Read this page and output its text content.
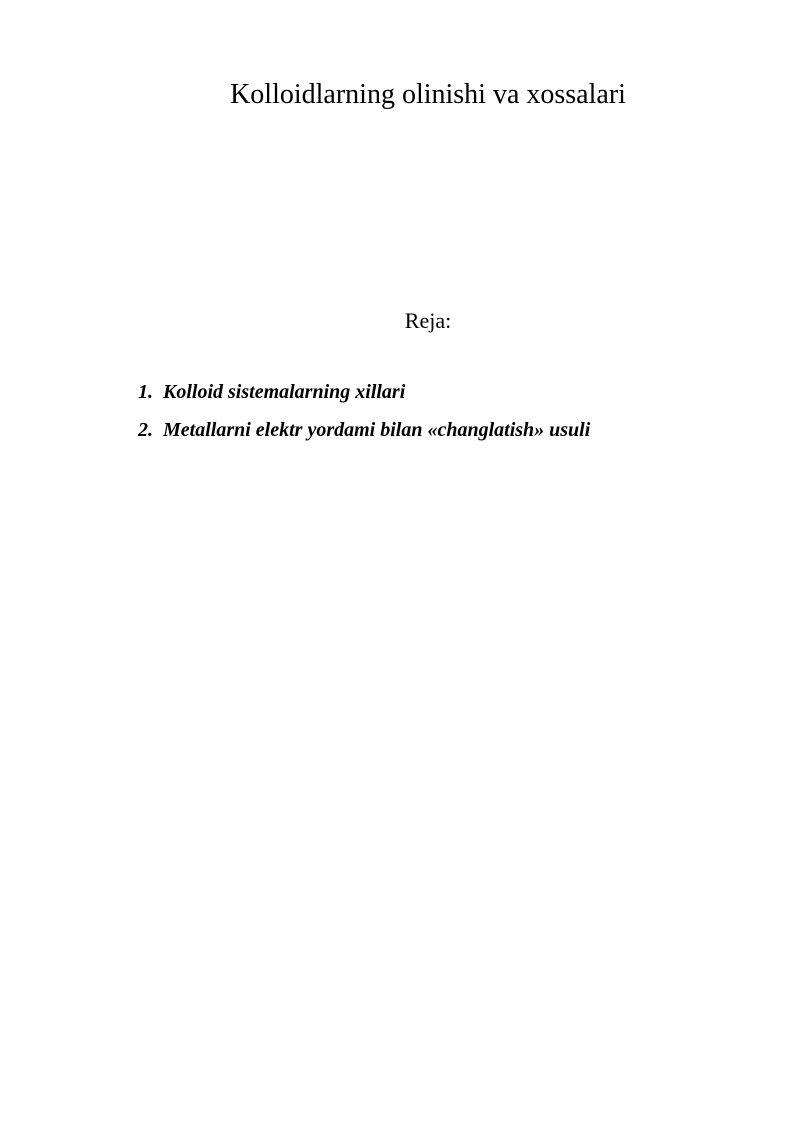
Kolloidlarning olinishi va xossalari

Reja:

1. Kolloid sistemalarning xillari
2. Metallarni elektr yordami bilan «changlatish» usuli
